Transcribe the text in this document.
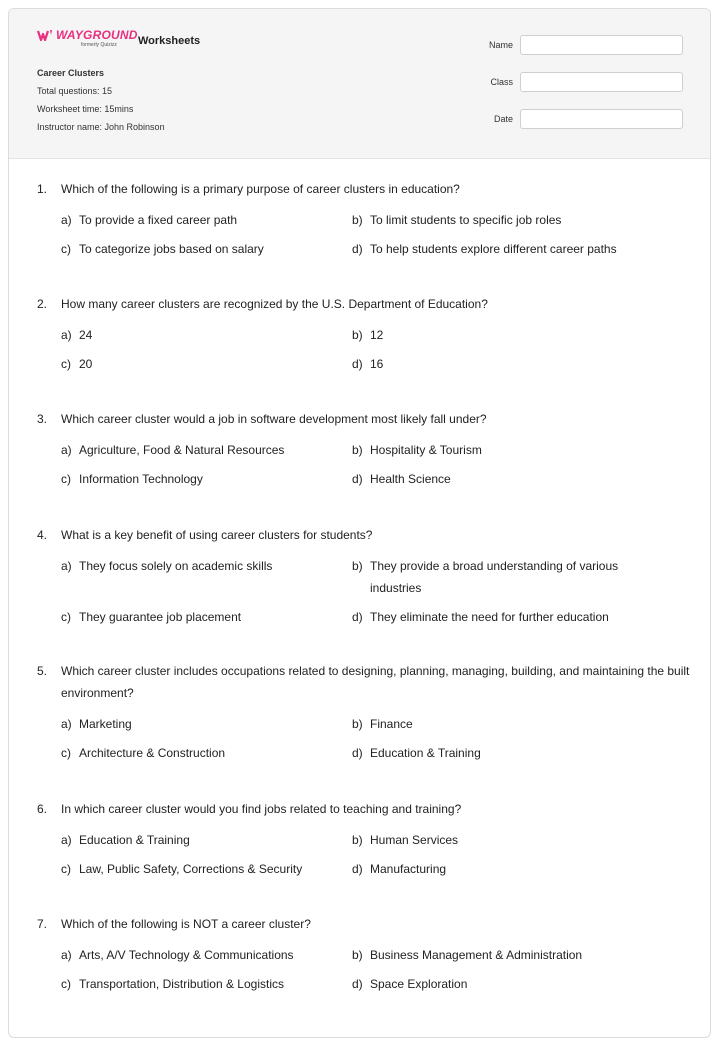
WAYGROUND
formerly Quizizz	Worksheets
Career Clusters
Total questions: 15
Worksheet time: 15mins
Instructor name: John Robinson
Name
Class
Date
1.	Which of the following is a primary purpose of career clusters in education?
a) To provide a fixed career path	b) To limit students to specific job roles
c) To categorize jobs based on salary	d) To help students explore different career paths
2.	How many career clusters are recognized by the U.S. Department of Education?
a) 24	b) 12
c) 20	d) 16
3.	Which career cluster would a job in software development most likely fall under?
a) Agriculture, Food & Natural Resources	b) Hospitality & Tourism
c) Information Technology	d) Health Science
4.	What is a key benefit of using career clusters for students?
a) They focus solely on academic skills	b) They provide a broad understanding of various industries
c) They guarantee job placement	d) They eliminate the need for further education
5.	Which career cluster includes occupations related to designing, planning, managing, building, and maintaining the built environment?
a) Marketing	b) Finance
c) Architecture & Construction	d) Education & Training
6.	In which career cluster would you find jobs related to teaching and training?
a) Education & Training	b) Human Services
c) Law, Public Safety, Corrections & Security	d) Manufacturing
7.	Which of the following is NOT a career cluster?
a) Arts, A/V Technology & Communications	b) Business Management & Administration
c) Transportation, Distribution & Logistics	d) Space Exploration
